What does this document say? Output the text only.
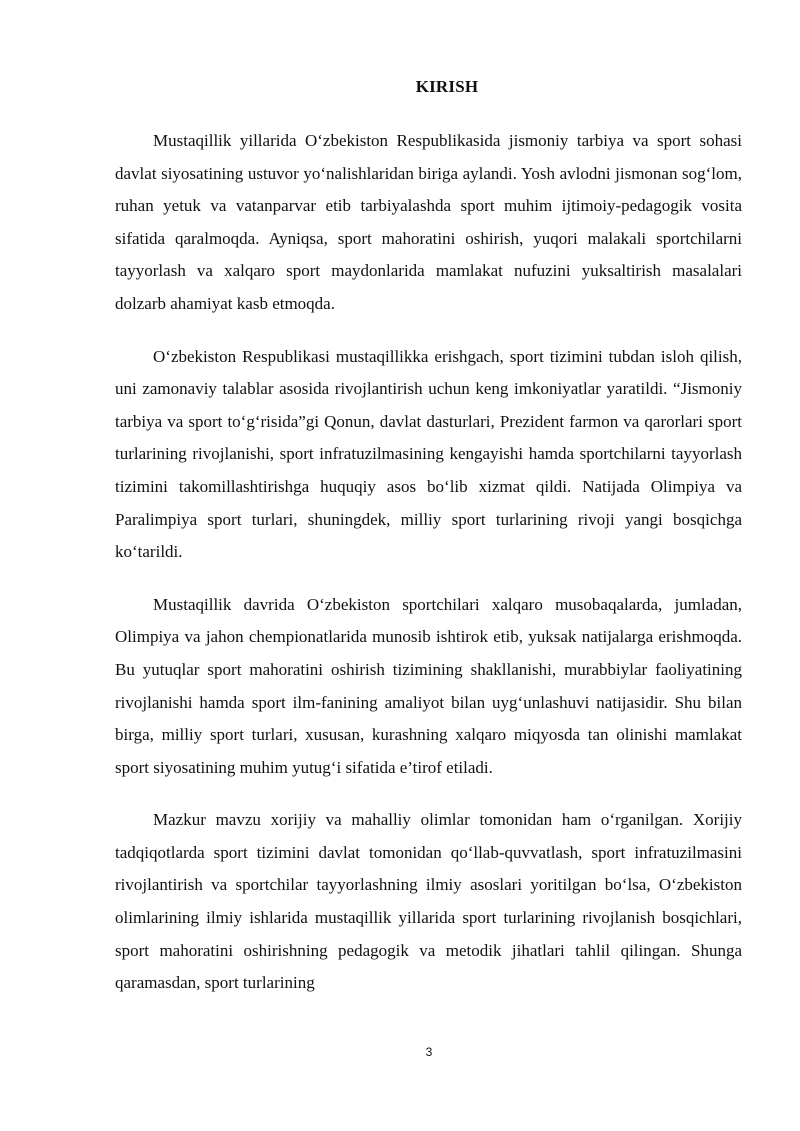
KIRISH

Mustaqillik yillarida O‘zbekiston Respublikasida jismoniy tarbiya va sport sohasi davlat siyosatining ustuvor yo‘nalishlaridan biriga aylandi. Yosh avlodni jismonan sog‘lom, ruhan yetuk va vatanparvar etib tarbiyalashda sport muhim ijtimoiy-pedagogik vosita sifatida qaralmoqda. Ayniqsa, sport mahoratini oshirish, yuqori malakali sportchilarni tayyorlash va xalqaro sport maydonlarida mamlakat nufuzini yuksaltirish masalalari dolzarb ahamiyat kasb etmoqda.

O‘zbekiston Respublikasi mustaqillikka erishgach, sport tizimini tubdan isloh qilish, uni zamonaviy talablar asosida rivojlantirish uchun keng imkoniyatlar yaratildi. “Jismoniy tarbiya va sport to‘g‘risida”gi Qonun, davlat dasturlari, Prezident farmon va qarorlari sport turlarining rivojlanishi, sport infratuzilmasining kengayishi hamda sportchilarni tayyorlash tizimini takomillashtirishga huquqiy asos bo‘lib xizmat qildi. Natijada Olimpiya va Paralimpiya sport turlari, shuningdek, milliy sport turlarining rivoji yangi bosqichga ko‘tarildi.

Mustaqillik davrida O‘zbekiston sportchilari xalqaro musobaqalarda, jumladan, Olimpiya va jahon chempionatlarida munosib ishtirok etib, yuksak natijalarga erishmoqda. Bu yutuqlar sport mahoratini oshirish tizimining shakllanishi, murabbiylar faoliyatining rivojlanishi hamda sport ilm-fanining amaliyot bilan uyg‘unlashuvi natijasidir. Shu bilan birga, milliy sport turlari, xususan, kurashning xalqaro miqyosda tan olinishi mamlakat sport siyosatining muhim yutug‘i sifatida e’tirof etiladi.

Mazkur mavzu xorijiy va mahalliy olimlar tomonidan ham o‘rganilgan. Xorijiy tadqiqotlarda sport tizimini davlat tomonidan qo‘llab-quvvatlash, sport infratuzilmasini rivojlantirish va sportchilar tayyorlashning ilmiy asoslari yoritilgan bo‘lsa, O‘zbekiston olimlarining ilmiy ishlarida mustaqillik yillarida sport turlarining rivojlanish bosqichlari, sport mahoratini oshirishning pedagogik va metodik jihatlari tahlil qilingan. Shunga qaramasdan, sport turlarining

3
